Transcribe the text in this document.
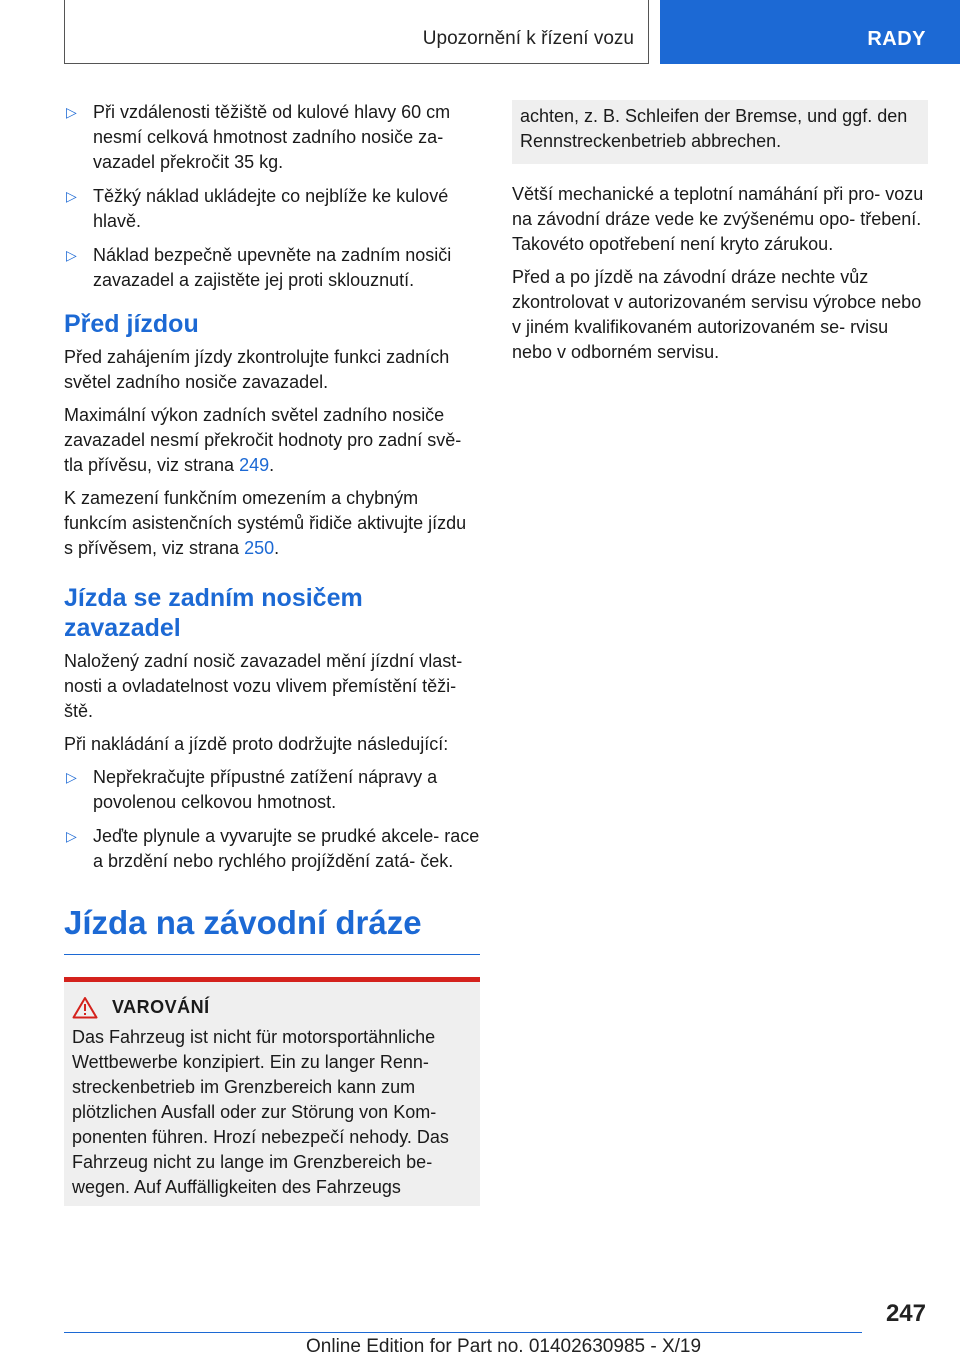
Upozornění k řízení vozu	RADY
▷ Při vzdálenosti těžiště od kulové hlavy 60 cm nesmí celková hmotnost zadního nosiče za‐ vazadel překročit 35 kg.
▷ Těžký náklad ukládejte co nejblíže ke kulové hlavě.
▷ Náklad bezpečně upevněte na zadním nosiči zavazadel a zajistěte jej proti sklouznutí.
Před jízdou

Před zahájením jízdy zkontrolujte funkci zadních světel zadního nosiče zavazadel.

Maximální výkon zadních světel zadního nosiče zavazadel nesmí překročit hodnoty pro zadní svě‐ tla přívěsu, viz strana 249.

K zamezení funkčním omezením a chybným funkcím asistenčních systémů řidiče aktivujte jízdu s přívěsem, viz strana 250.

Jízda se zadním nosičem zavazadel

Naložený zadní nosič zavazadel mění jízdní vlast‐ nosti a ovladatelnost vozu vlivem přemístění těži‐ ště.

Při nakládání a jízdě proto dodržujte následující:

▷ Nepřekračujte přípustné zatížení nápravy a povolenou celkovou hmotnost.
▷ Jeďte plynule a vyvarujte se prudké akcele‐ race a brzdění nebo rychlého projíždění zatá‐ ček.
Jízda na závodní dráze
VAROVÁNÍ

Das Fahrzeug ist nicht für motorsportähnliche Wettbewerbe konzipiert. Ein zu langer Renn‐ streckenbetrieb im Grenzbereich kann zum plötzlichen Ausfall oder zur Störung von Kom‐ ponenten führen. Hrozí nebezpečí nehody. Das Fahrzeug nicht zu lange im Grenzbereich be‐ wegen. Auf Auffälligkeiten des Fahrzeugs

achten, z. B. Schleifen der Bremse, und ggf. den Rennstreckenbetrieb abbrechen.

Větší mechanické a teplotní namáhání při pro‐ vozu na závodní dráze vede ke zvýšenému opo‐ třebení. Takovéto opotřebení není kryto zárukou.

Před a po jízdě na závodní dráze nechte vůz zkontrolovat v autorizovaném servisu výrobce nebo v jiném kvalifikovaném autorizovaném se‐ rvisu nebo v odborném servisu.

247
Online Edition for Part no. 01402630985 - X/19
